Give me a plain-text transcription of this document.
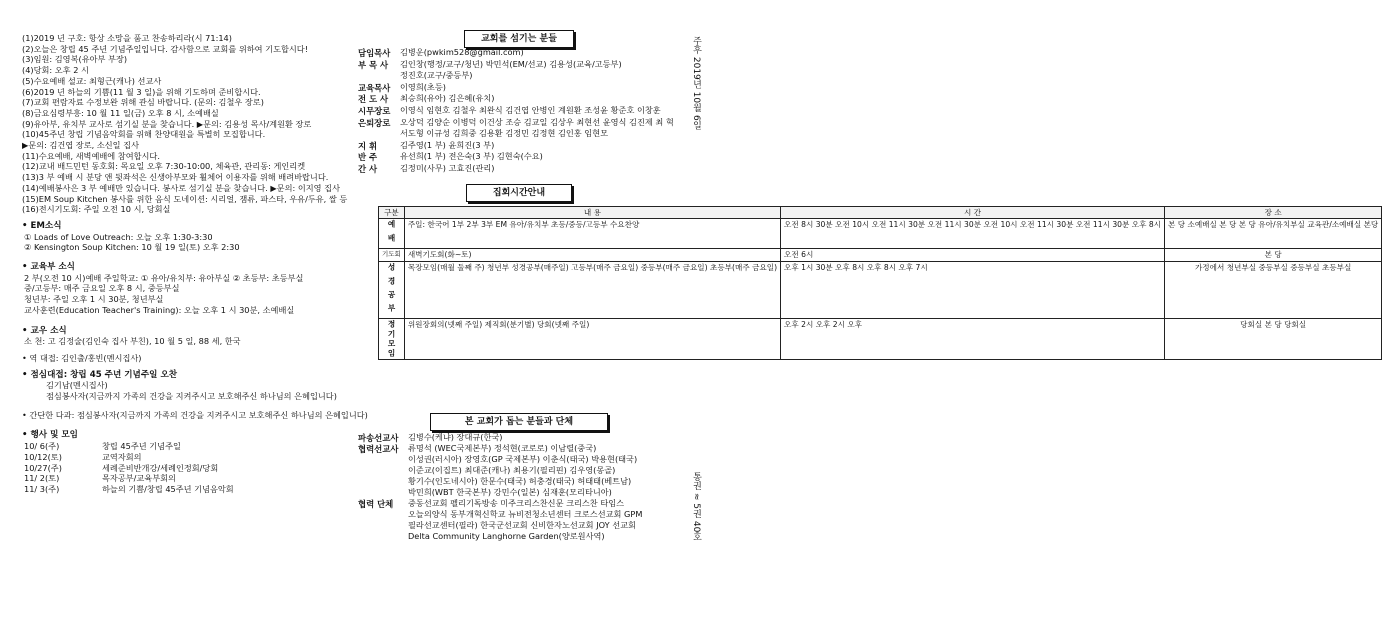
(1)2019 년 구호: 항상 소망을 품고 찬송하리라(시 71:14)
(2)오늘은 창립 45 주년 기념주일입니다. 감사함으로 교회를 위하여 기도합시다!
(3)임원: 김영복(유아부 부장)
(4)당회: 오후 2 시
(5)수요예배 설교: 최형근(캐나) 선교사
(6)2019 년 하늘의 기쁨(11 월 3 일)을 위해 기도하며 준비합시다.
(7)교회 편람자료 수정보완 위해 관심 바랍니다. (문의: 김철우 장로)
(8)금요심령부흥: 10 월 11 일(금) 오후 8 시, 소예배실
(9)유아부, 유치부 교사로 섬기실 분을 찾습니다. ▶문의: 김용성 목사/계원환 장로
(10)45주년 창립 기념음악회를 위해 찬양대원을 특별히 모집합니다.
▶문의: 김건엽 장로, 소신일 집사
(11)수요예배, 새벽예배에 참여합시다.
(12)교내 배드민턴 동호회: 목요일 오후 7:30-10:00, 체육관, 관리동: 게인리켓
(13)3 부 예배 시 분당 앤 뒷좌석은 신생아부모와 휠체어 이용자를 위해 배려바랍니다.
(14)예배봉사은 3 부 예배만 있습니다. 봉사로 섬기실 분을 찾습니다. ▶문의: 이지영 집사
(15)EM Soup Kitchen 봉사를 위한 음식 도네이션: 시리얼, 잼류, 파스타, 우유/두유, 쌀 등
(16)전시기도회: 주일 오전 10 시, 당회실
• EM소식
① Loads of Love Outreach: 오늘 오후 1:30-3:30
② Kensington Soup Kitchen: 10 월 19 일(토) 오후 2:30
• 교육부 소식
2 부(오전 10 시)예배 주일학교: ① 유아/유치부: 유아부실 ② 초등부: 초등부실
중/고등부: 매주 금요일 오후 8 시, 중등부실
청년부: 주일 오후 1 시 30분, 청년부실
교사훈련(Education Teacher's Training): 오늘 오후 1 시 30분, 소예배실
• 교우 소식
소 천: 고 김정술(김인숙 집사 부친), 10 월 5 일, 88 세, 한국
• 역 대접: 김인출/홍빈(멘시집사)
• 점심대접: 창립 45 주년 기념주일 오찬
김기남(멘시집사)
점심봉사자(지금까지 가족의 건강을 지켜주시고 보호해주신 하나님의 은혜입니다)
• 간단한 다과: 점심봉사자(지금까지 가족의 건강을 지켜주시고 보호해주신 하나님의 은혜입니다)
• 행사 및 모임
10/ 6(주)	창립 45주년 기념주일
10/12(토)	교역자회의
10/27(주)	세례준비반개강/세례인정회/당회
11/ 2(토)	목자공부/교육부회의
11/ 3(주)	하늘의 기쁨/창립 45주년 기념음악회
교회를 섬기는 분들
담임목사 김병운(pwkim528@gmail.com)
부 목 사 김인창(행정/교구/청년) 박민석(EM/선교) 김용성(교육/고등부)
정진호(교구/중등부)
교육목사 이영희(초등)
전 도 사 최승희(유아) 김은혜(유치)
시무장로 이영식 임현호 김철우 최완식 김건엽 안병인 계원환 조성윤 황준호 이창훈
은퇴장로 오상덕 김양순 이병덕 이건상 조승 김교일 김상우 최현선 윤영식 김진제 최 혁
서도형 이규성 김희중 김용환 김정민 김정현 김인홍 임현모
지 휘	김주영(1 부) 윤희진(3 부)
반 주	유선희(1 부) 전은숙(3 부) 김현숙(수요)
간 사	김정미(사무) 고효진(관리)
집회시간안내
구분	내 용	시 간	장 소
예배	주일: 한국어 1부 2부 3부 EM 유아/유치부 초등/중등/고등부 수요찬양	오전 8시 30분 오전 10시 오전 11시 30분 오전 11시 30분 오전 10시 오전 11시 30분 오전 11시 30분 오후 8시	본 당 소예배실 본 당 본 당 유아/유치부실 교육관/소예배실 본당
기도회	새벽기도회(화~토)	오전 6시	본 당
성경공부	목장모임(매월 둘째 주) 청년부 성경공부(매주일) 고등부(매주 금요일) 중등부(매주 금요일) 초등부(매주 금요일)	오후 1시 30분 오후 8시 오후 8시 오후 7시	가정에서 청년부실 중등부실 중등부실 초등부실
정기모임	위원장회의(넷째 주일) 제직회(분기별) 당회(넷째 주일)	오후 2시 오후 2시 오후	당회실 본 당 당회실
본 교회가 돕는 분들과 단체
파송선교사 김병수(케냐) 장대규(한국)
협력선교사 류명석 (WEC국제본부) 정석현(코로로) 이남렬(중국)
이성권(러시아) 장영호(GP 국제본부) 이춘식(태국) 박용현(태국)
이준교(이집트) 최대준(캐나) 최용기(필리핀) 김우영(몽골)
황기수(인도네시아) 한문수(태국) 허충경(태국) 허태태(베트남)
박민희(WBT 한국본부) 강민수(일본) 심재훈(모리타니아)
협력 단체 중동선교회 펠리기독방송 미주크리스찬신문 크리스찬 타임스
오늘의양식 동부개혁신학교 뉴비전청소년센터 크로스선교회 GPM
필라선교센터(필라) 한국군선교회 신비한자노선교회 JOY 선교회
Delta Community Langhorne Garden(양로원사역)
주후 2019년 10월 6일
통권 ≈ 5권 40호
